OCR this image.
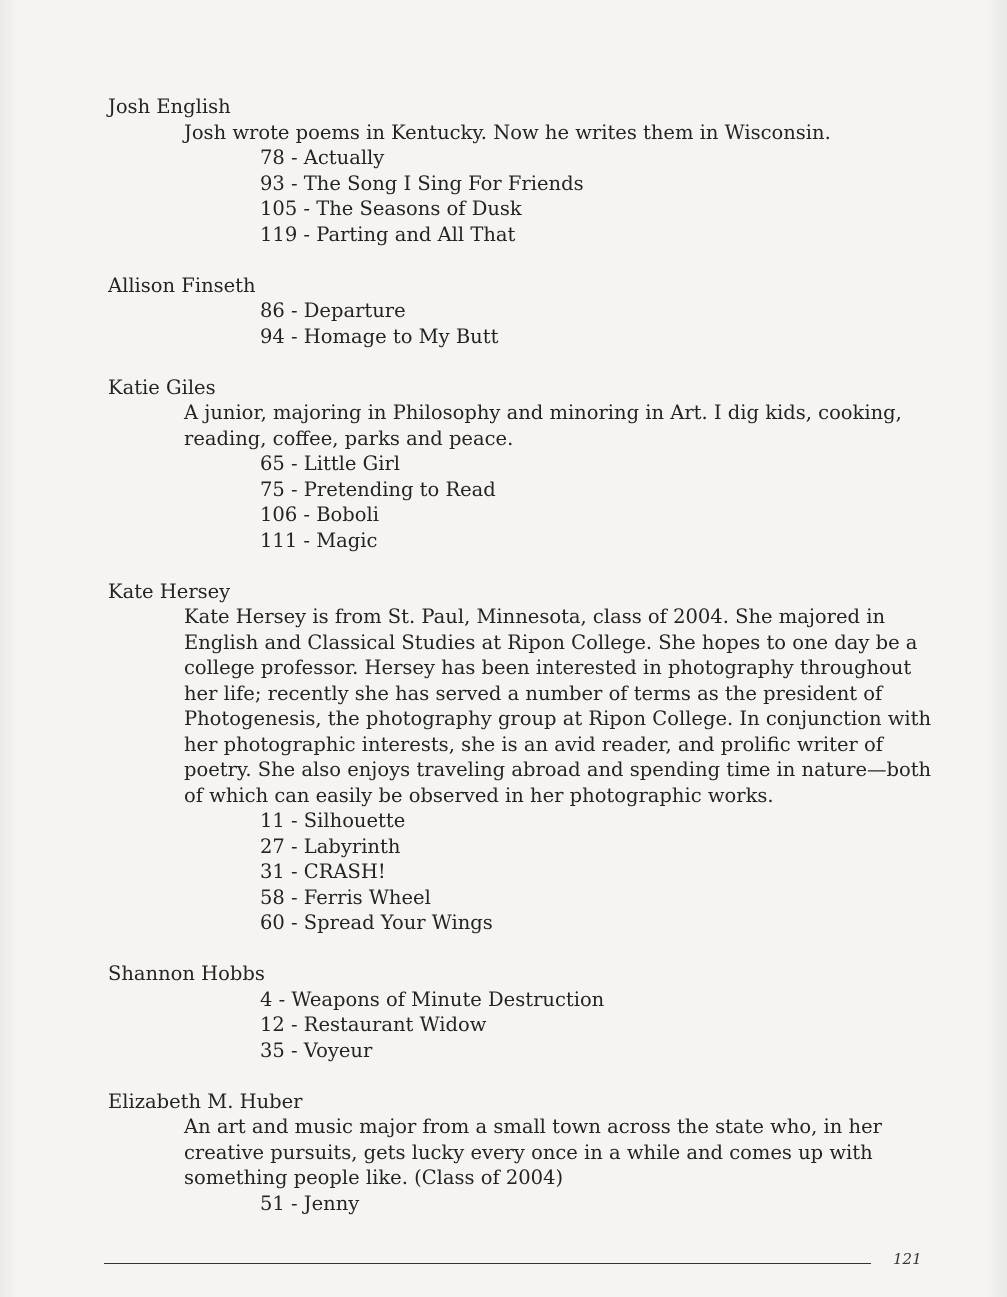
Josh English

Josh wrote poems in Kentucky. Now he writes them in Wisconsin.

78 - Actually
93 - The Song I Sing For Friends
105 - The Seasons of Dusk
119 - Parting and All That

Allison Finseth

86 - Departure
94 - Homage to My Butt

Katie Giles

A junior, majoring in Philosophy and minoring in Art. I dig kids, cooking, reading, coffee, parks and peace.

65 - Little Girl
75 - Pretending to Read
106 - Boboli
111 - Magic

Kate Hersey

Kate Hersey is from St. Paul, Minnesota, class of 2004. She majored in English and Classical Studies at Ripon College. She hopes to one day be a college professor. Hersey has been interested in photography throughout her life; recently she has served a number of terms as the president of Photogenesis, the photography group at Ripon College. In conjunction with her photographic interests, she is an avid reader, and prolific writer of poetry. She also enjoys traveling abroad and spending time in nature—both of which can easily be observed in her photographic works.

11 - Silhouette
27 - Labyrinth
31 - CRASH!
58 - Ferris Wheel
60 - Spread Your Wings

Shannon Hobbs

4 - Weapons of Minute Destruction
12 - Restaurant Widow
35 - Voyeur

Elizabeth M. Huber

An art and music major from a small town across the state who, in her creative pursuits, gets lucky every once in a while and comes up with something people like. (Class of 2004)

51 - Jenny
121
